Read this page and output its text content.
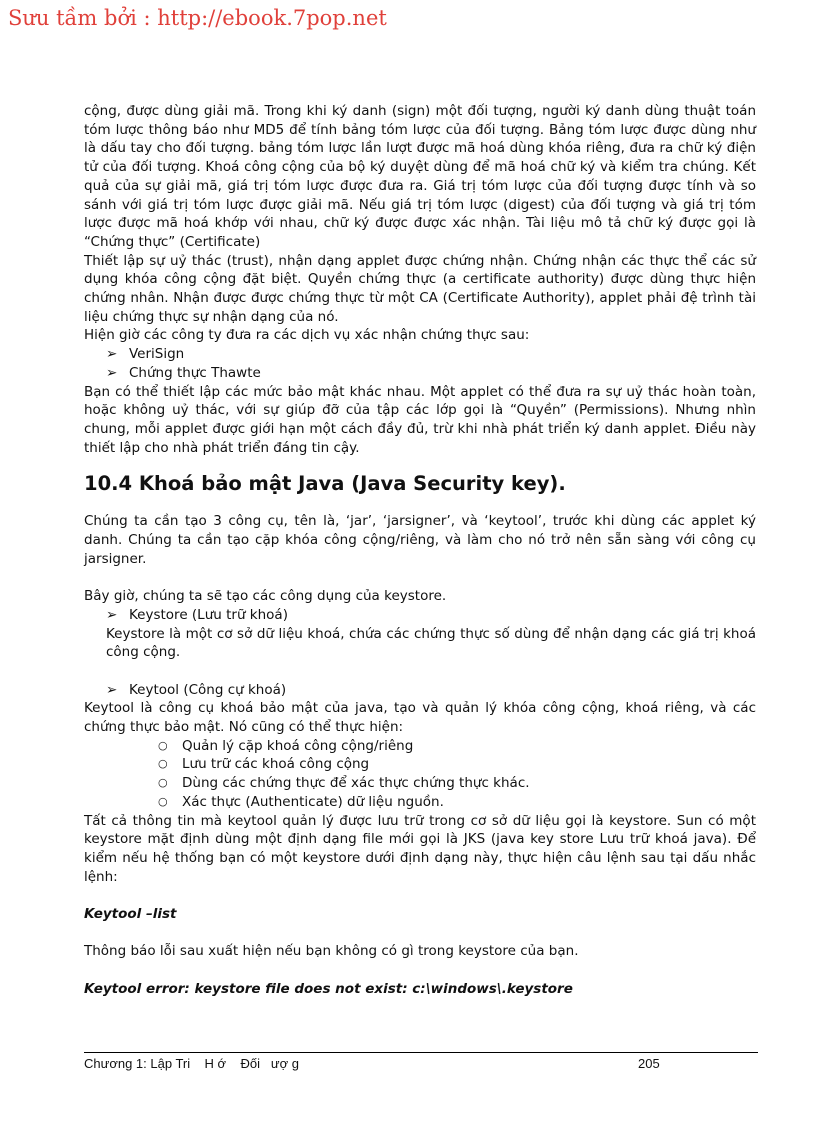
Sưu tầm bởi : http://ebook.7pop.net

cộng, được dùng giải mã. Trong khi ký danh (sign) một đối tượng, người ký danh dùng thuật toán tóm lược thông báo như MD5 để tính bảng tóm lược của đối tượng. Bảng tóm lược được dùng như là dấu tay cho đối tượng. bảng tóm lược lần lượt được mã hoá dùng khóa riêng, đưa ra chữ ký điện tử của đối tượng. Khoá công cộng của bộ ký duyệt dùng để mã hoá chữ ký và kiểm tra chúng. Kết quả của sự giải mã, giá trị tóm lược được đưa ra. Giá trị tóm lược của đối tượng được tính và so sánh với giá trị tóm lược được giải mã. Nếu giá trị tóm lược (digest) của đối tượng và giá trị tóm lược được mã hoá khớp với nhau, chữ ký được được xác nhận. Tài liệu mô tả chữ ký được gọi là “Chứng thực” (Certificate)

Thiết lập sự uỷ thác (trust), nhận dạng applet được chứng nhận. Chứng nhận các thực thể các sử dụng khóa công cộng đặt biệt. Quyền chứng thực (a certificate authority) được dùng thực hiện chứng nhân. Nhận được được chứng thực từ một CA (Certificate Authority), applet phải đệ trình tài liệu chứng thực sự nhận dạng của nó.

Hiện giờ các công ty đưa ra các dịch vụ xác nhận chứng thực sau:

➢ VeriSign

➢ Chứng thực Thawte

Bạn có thể thiết lập các mức bảo mật khác nhau. Một applet có thể đưa ra sự uỷ thác hoàn toàn, hoặc không uỷ thác, với sự giúp đỡ của tập các lớp gọi là “Quyền” (Permissions). Nhưng nhìn chung, mỗi applet được giới hạn một cách đầy đủ, trừ khi nhà phát triển ký danh applet. Điều này thiết lập cho nhà phát triển đáng tin cậy.

10.4 Khoá bảo mật Java (Java Security key).

Chúng ta cần tạo 3 công cụ, tên là, ‘jar’, ‘jarsigner’, và ‘keytool’, trước khi dùng các applet ký danh. Chúng ta cần tạo cặp khóa công cộng/riêng, và làm cho nó trở nên sẵn sàng với công cụ jarsigner.

Bây giờ, chúng ta sẽ tạo các công dụng của keystore.

➢ Keystore (Lưu trữ khoá)

Keystore là một cơ sở dữ liệu khoá, chứa các chứng thực số dùng để nhận dạng các giá trị khoá công cộng.

➢ Keytool (Công cự khoá)

Keytool là công cụ khoá bảo mật của java, tạo và quản lý khóa công cộng, khoá riêng, và các chứng thực bảo mật. Nó cũng có thể thực hiện:

○	Quản lý cặp khoá công cộng/riêng

○	Lưu trữ các khoá công cộng

○	Dùng các chứng thực để xác thực chứng thực khác.

○	Xác thực (Authenticate) dữ liệu nguồn.

Tất cả thông tin mà keytool quản lý được lưu trữ trong cơ sở dữ liệu gọi là keystore. Sun có một keystore mặt định dùng một định dạng file mới gọi là JKS (java key store Lưu trữ khoá java). Để kiểm nếu hệ thống bạn có một keystore dưới định dạng này, thực hiện câu lệnh sau tại dấu nhắc lệnh:

Keytool –list

Thông báo lỗi sau xuất hiện nếu bạn không có gì trong keystore của bạn.

Keytool error: keystore file does not exist: c:\windows\.keystore

Chương 1: Lập Tri    H ớ    Đối   ượ g	205
